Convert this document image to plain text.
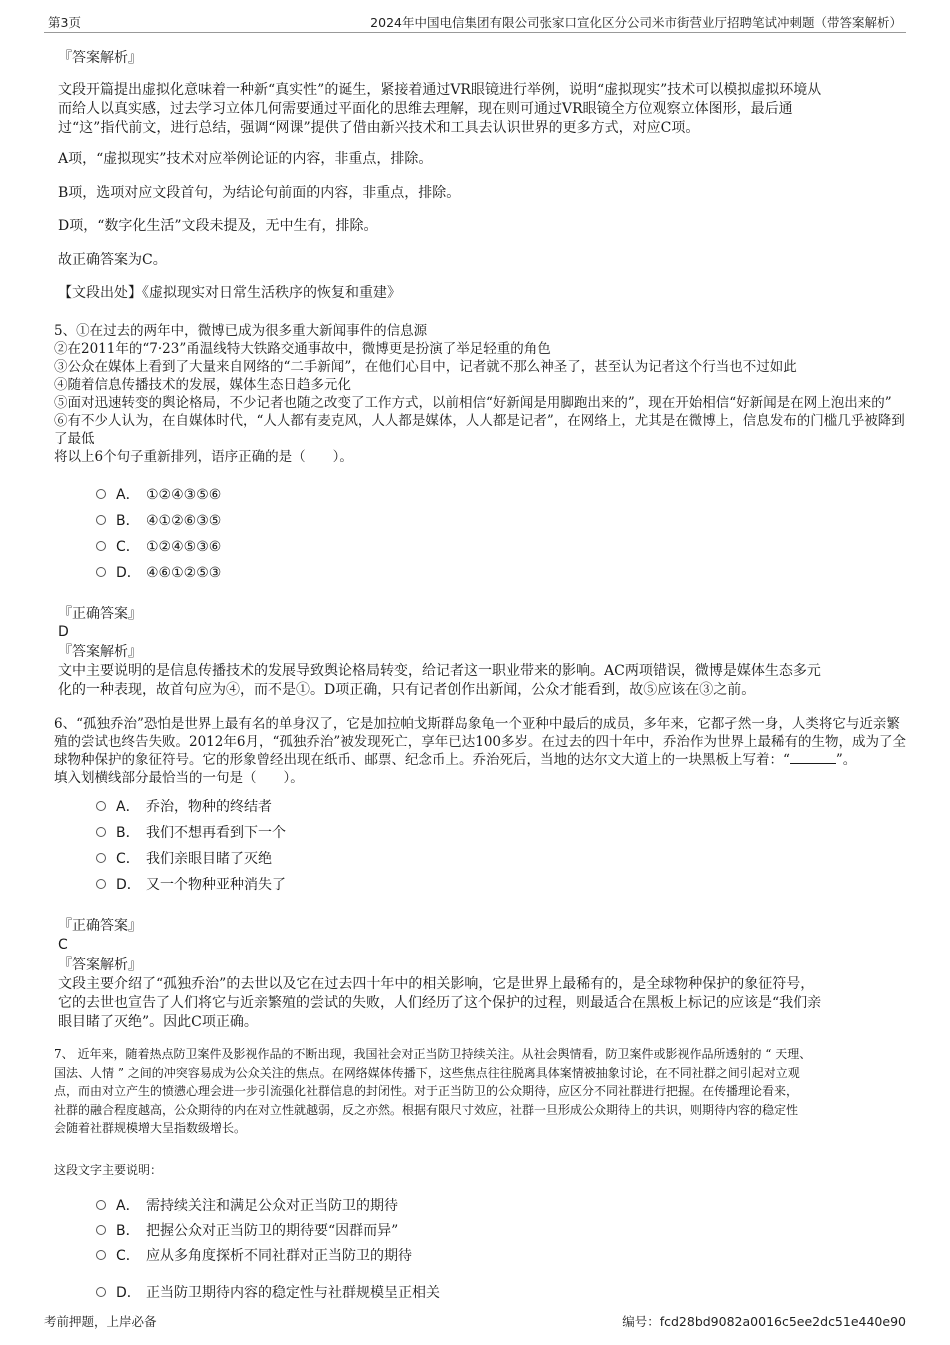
第3页	2024年中国电信集团有限公司张家口宣化区分公司米市街营业厅招聘笔试冲刺题（带答案解析）
『答案解析』
文段开篇提出虚拟化意味着一种新“真实性”的诞生，紧接着通过VR眼镜进行举例，说明“虚拟现实”技术可以模拟虚拟环境从
而给人以真实感，过去学习立体几何需要通过平面化的思维去理解，现在则可通过VR眼镜全方位观察立体图形，最后通
过“这”指代前文，进行总结，强调“网课”提供了借由新兴技术和工具去认识世界的更多方式，对应C项。
A项，“虚拟现实”技术对应举例论证的内容，非重点，排除。
B项，选项对应文段首句，为结论句前面的内容，非重点，排除。
D项，“数字化生活”文段未提及，无中生有，排除。
故正确答案为C。
【文段出处】《虚拟现实对日常生活秩序的恢复和重建》
5、①在过去的两年中，微博已成为很多重大新闻事件的信息源
②在2011年的“7·23”甬温线特大铁路交通事故中，微博更是扮演了举足轻重的角色
③公众在媒体上看到了大量来自网络的“二手新闻”，在他们心目中，记者就不那么神圣了，甚至认为记者这个行当也不过如此
④随着信息传播技术的发展，媒体生态日趋多元化
⑤面对迅速转变的舆论格局，不少记者也随之改变了工作方式，以前相信“好新闻是用脚跑出来的”，现在开始相信“好新闻是在网上泡出来的”
⑥有不少人认为，在自媒体时代，“人人都有麦克风，人人都是媒体，人人都是记者”，在网络上，尤其是在微博上，信息发布的门槛几乎被降到
了最低
将以上6个句子重新排列，语序正确的是（　　）。
A． ①②④③⑤⑥
B． ④①②⑥③⑤
C． ①②④⑤③⑥
D． ④⑥①②⑤③
『正确答案』
D
『答案解析』
文中主要说明的是信息传播技术的发展导致舆论格局转变，给记者这一职业带来的影响。AC两项错误，微博是媒体生态多元
化的一种表现，故首句应为④，而不是①。D项正确，只有记者创作出新闻，公众才能看到，故⑤应该在③之前。
6、“孤独乔治”恐怕是世界上最有名的单身汉了，它是加拉帕戈斯群岛象龟一个亚种中最后的成员，多年来，它都孑然一身，人类将它与近亲繁
殖的尝试也终告失败。2012年6月，“孤独乔治”被发现死亡，享年已达100多岁。在过去的四十年中，乔治作为世界上最稀有的生物，成为了全
球物种保护的象征符号。它的形象曾经出现在纸币、邮票、纪念币上。乔治死后，当地的达尔文大道上的一块黑板上写着：“	”。
填入划横线部分最恰当的一句是（　　）。
A． 乔治，物种的终结者
B． 我们不想再看到下一个
C． 我们亲眼目睹了灭绝
D． 又一个物种亚种消失了
『正确答案』
C
『答案解析』
文段主要介绍了“孤独乔治”的去世以及它在过去四十年中的相关影响，它是世界上最稀有的，是全球物种保护的象征符号，
它的去世也宣告了人们将它与近亲繁殖的尝试的失败，人们经历了这个保护的过程，则最适合在黑板上标记的应该是“我们亲
眼目睹了灭绝”。因此C项正确。
7、 近年来，随着热点防卫案件及影视作品的不断出现，我国社会对正当防卫持续关注。从社会舆情看，防卫案件或影视作品所透射的 “ 天理、
国法、人情 ” 之间的冲突容易成为公众关注的焦点。在网络媒体传播下，这些焦点往往脱离具体案情被抽象讨论，在不同社群之间引起对立观
点，而由对立产生的愤懑心理会进一步引流强化社群信息的封闭性。对于正当防卫的公众期待，应区分不同社群进行把握。在传播理论看来，
社群的融合程度越高，公众期待的内在对立性就越弱，反之亦然。根据有限尺寸效应，社群一旦形成公众期待上的共识，则期待内容的稳定性
会随着社群规模增大呈指数级增长。
这段文字主要说明：
A． 需持续关注和满足公众对正当防卫的期待
B． 把握公众对正当防卫的期待要“因群而异”
C． 应从多角度探析不同社群对正当防卫的期待
D． 正当防卫期待内容的稳定性与社群规模呈正相关
考前押题，上岸必备	编号：fcd28bd9082a0016c5ee2dc51e440e90
